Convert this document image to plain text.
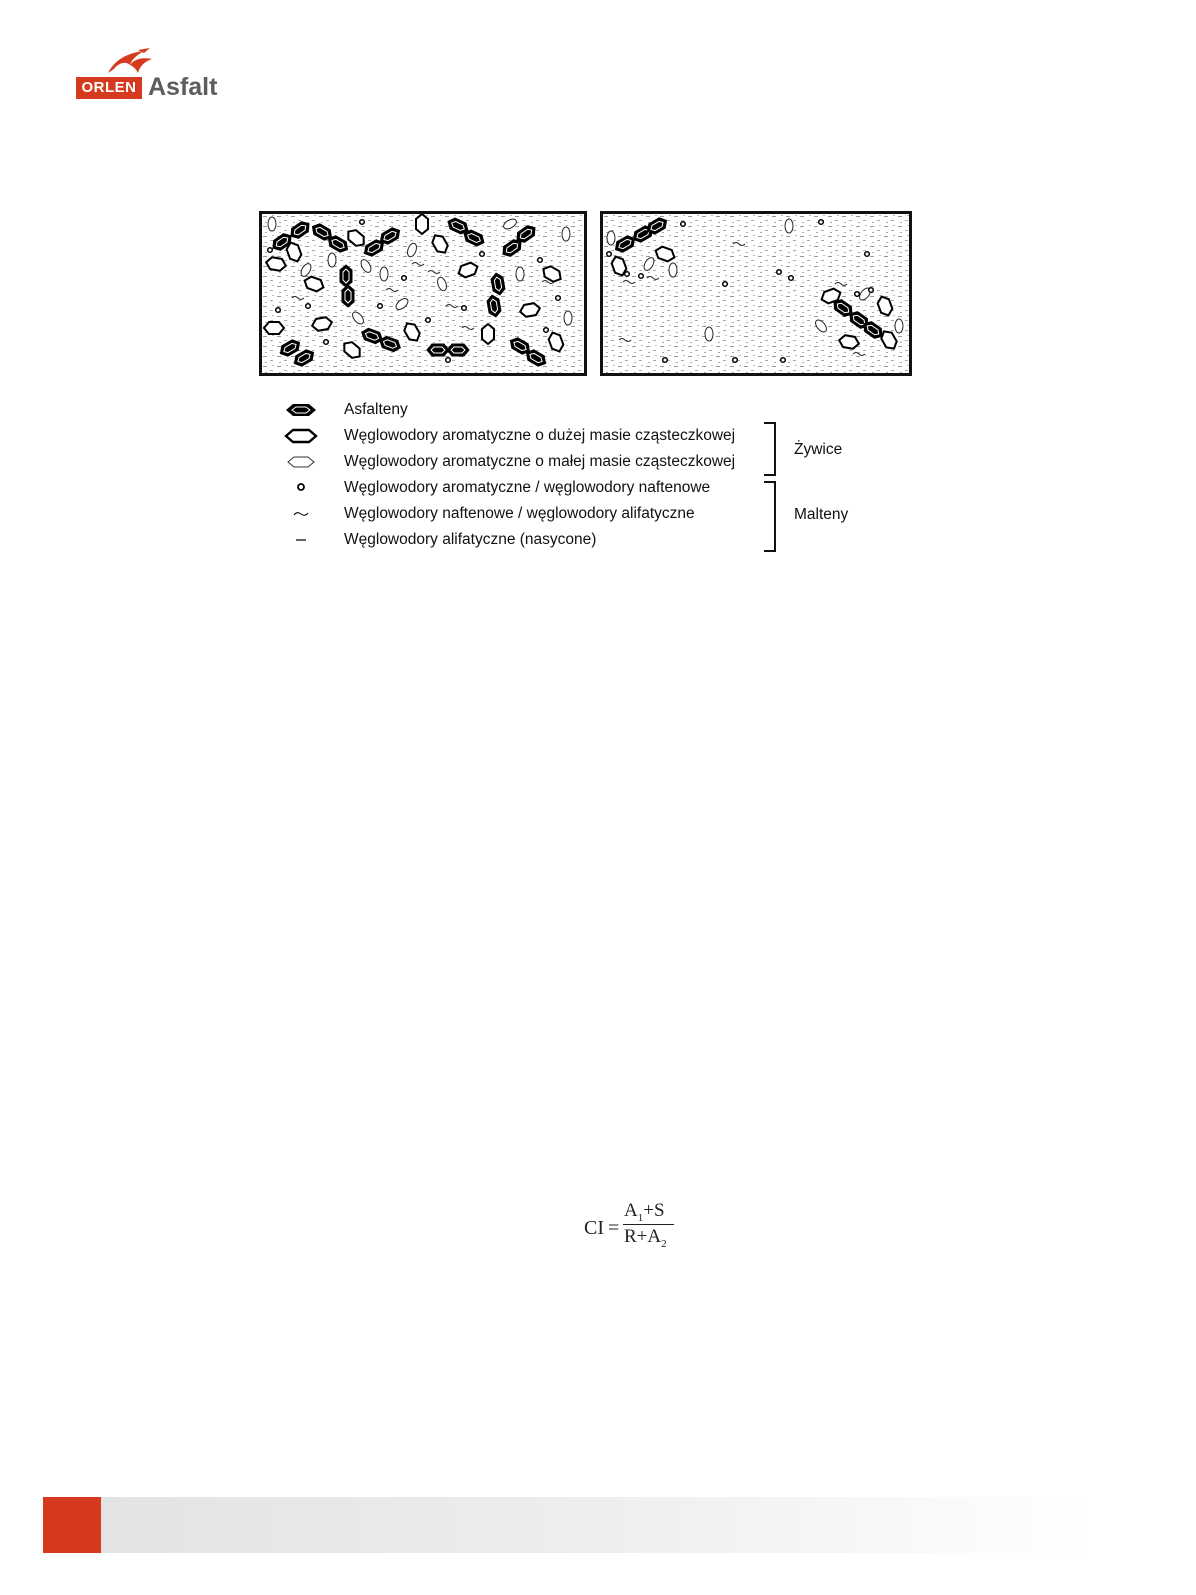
ORLEN Asfalt
Asfalteny
Węglowodory aromatyczne o dużej masie cząsteczkowej
Węglowodory aromatyczne o małej masie cząsteczkowej
Węglowodory aromatyczne / węglowodory naftenowe
Węglowodory naftenowe / węglowodory alifatyczne
Węglowodory alifatyczne (nasycone)
Żywice
Malteny
CI =
$A_1+S$
$R+A_2$
